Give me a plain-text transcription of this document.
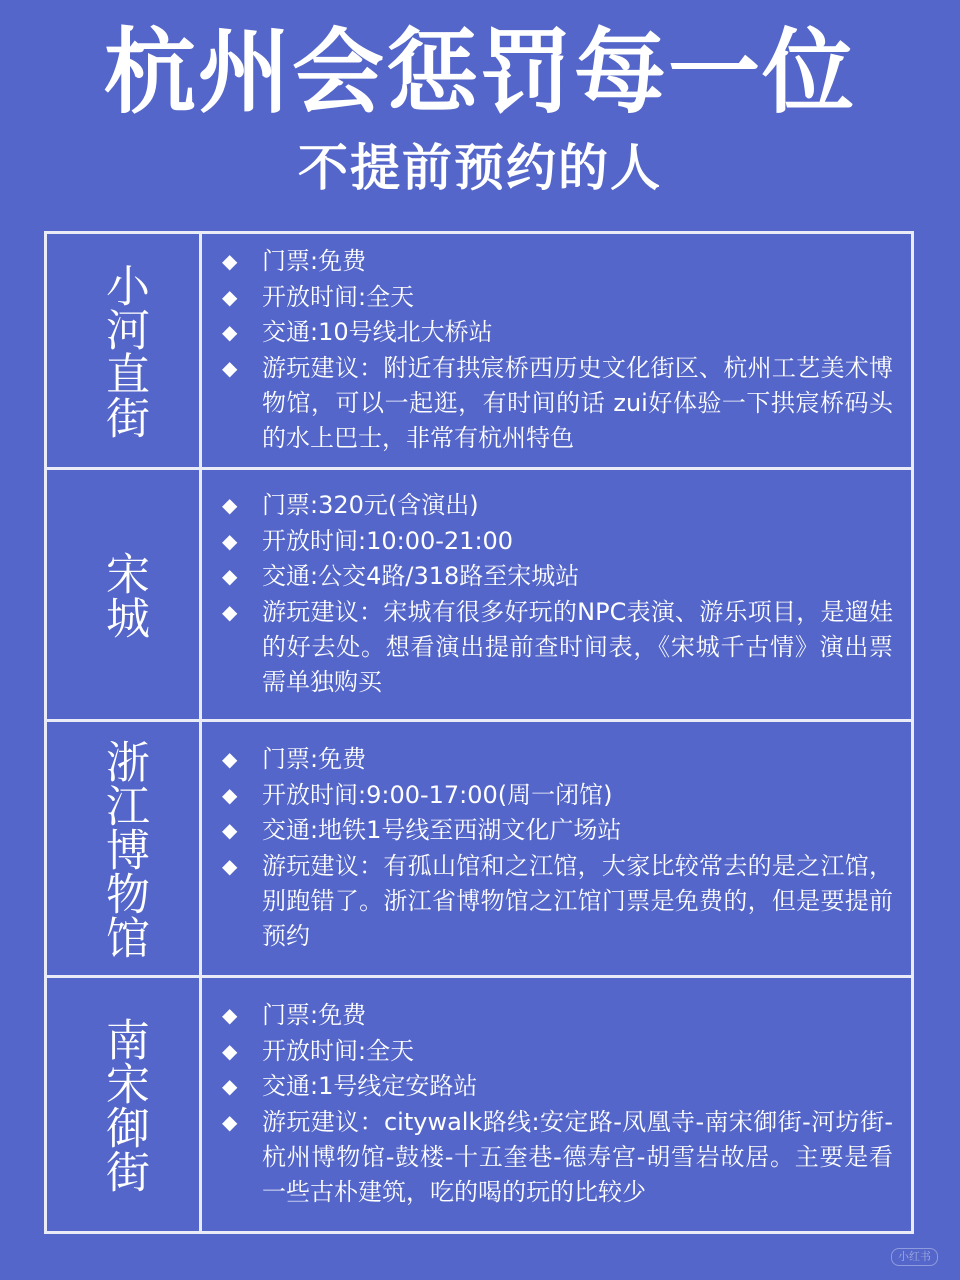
杭州会惩罚每一位
不提前预约的人
小河直街
◆	门票:免费
◆	开放时间:全天
◆	交通:10号线北大桥站
◆	游玩建议：附近有拱宸桥西历史文化街区、杭州工艺美术博物馆，可以一起逛，有时间的话 zui好体验一下拱宸桥码头的水上巴士，非常有杭州特色
宋城
◆	门票:320元(含演出)
◆	开放时间:10:00-21:00
◆	交通:公交4路/318路至宋城站
◆	游玩建议：宋城有很多好玩的NPC表演、游乐项目，是遛娃的好去处。想看演出提前查时间表，《宋城千古情》演出票需单独购买
浙江博物馆	◆	门票:免费
◆	开放时间:9:00-17:00(周一闭馆)
◆	交通:地铁1号线至西湖文化广场站
◆	游玩建议：有孤山馆和之江馆，大家比较常去的是之江馆，别跑错了。浙江省博物馆之江馆门票是免费的，但是要提前预约
南宋御街
◆	门票:免费
◆	开放时间:全天
◆	交通:1号线定安路站
◆	游玩建议：citywalk路线:安定路-凤凰寺-南宋御街-河坊街-杭州博物馆-鼓楼-十五奎巷-德寿宫-胡雪岩故居。主要是看一些古朴建筑，吃的喝的玩的比较少
小红书
